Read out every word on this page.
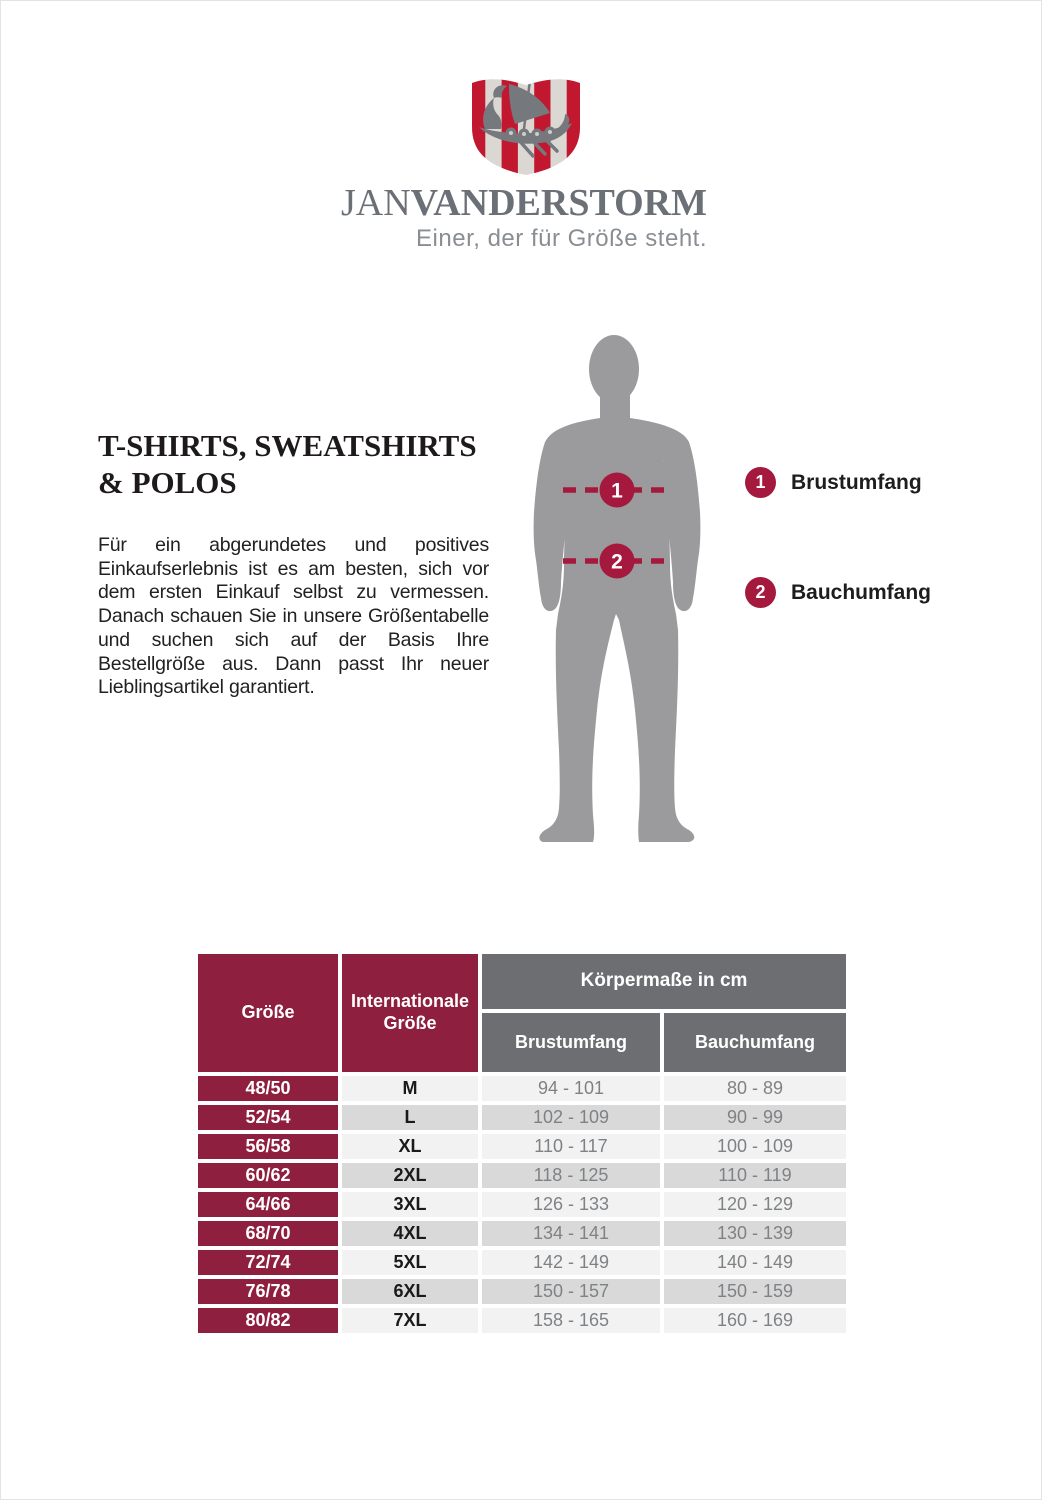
JANVANDERSTORM
Einer, der für Größe steht.
T-SHIRTS, SWEATSHIRTS
& POLOS

Für ein abgerundetes und positives Einkaufserlebnis ist es am besten, sich vor dem ersten Einkauf selbst zu vermessen. Danach schauen Sie in unsere Größentabelle und suchen sich auf der Basis Ihre Bestellgröße aus. Dann passt Ihr neuer Lieblingsartikel garantiert.

1
2
1	Brustumfang
2	Bauchumfang
Größe
Internationale Größe
Körpermaße in cm
Brustumfang	Bauchumfang
48/50	M	94 - 101	80 - 89
52/54	L	102 - 109	90 - 99
56/58	XL	110 - 117	100 - 109
60/62	2XL	118 - 125	110 - 119
64/66	3XL	126 - 133	120 - 129
68/70	4XL	134 - 141	130 - 139
72/74	5XL	142 - 149	140 - 149
76/78	6XL	150 - 157	150 - 159
80/82	7XL	158 - 165	160 - 169
